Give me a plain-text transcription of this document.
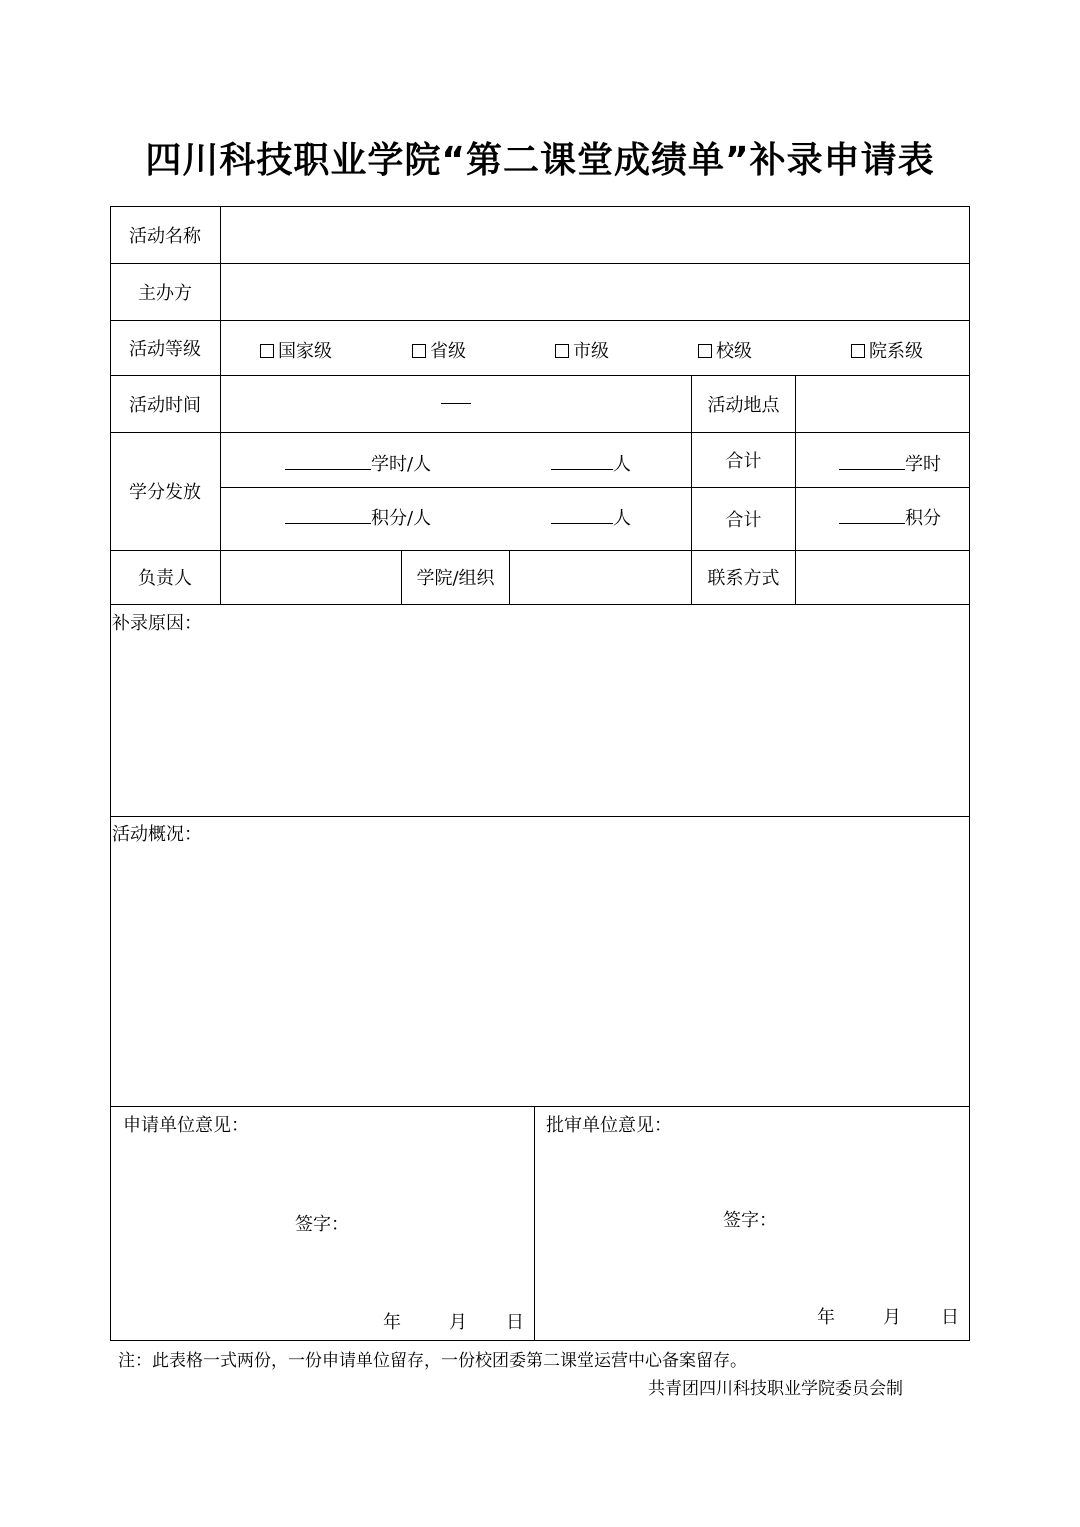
四川科技职业学院“第二课堂成绩单”补录申请表
活动名称
主办方
活动等级	国家级	省级	市级	校级	院系级
活动时间	活动地点
学分发放
学时/人	人	合计	学时
积分/人	人	合计	积分
负责人	学院/组织	联系方式
补录原因：
活动概况：
申请单位意见：
签字：
年	月 日
批审单位意见：
签字：
年	月 日
注：此表格一式两份，一份申请单位留存，一份校团委第二课堂运营中心备案留存。
共青团四川科技职业学院委员会制
